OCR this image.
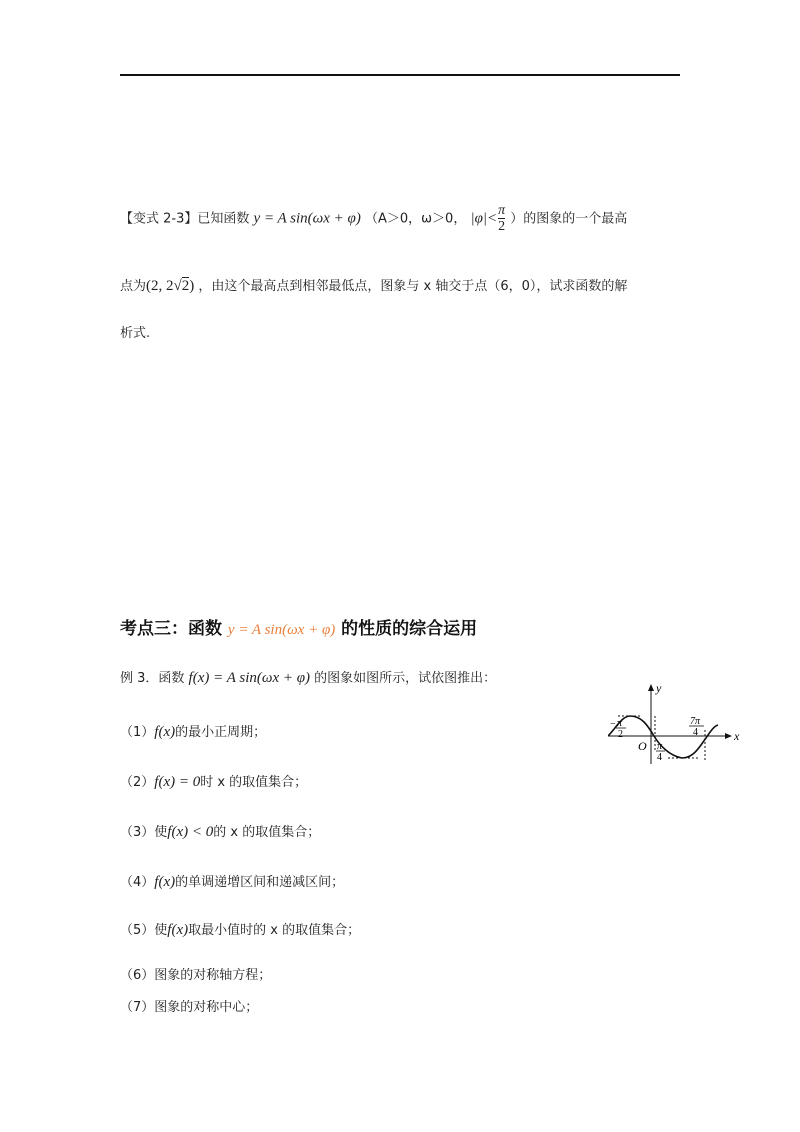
【变式 2-3】已知函数 y = A sin(ωx + φ) （A＞0，ω＞0， $|\varphi|< \frac{\pi}{2}$ ）的图象的一个最高
点为(2, 2√2) ，由这个最高点到相邻最低点，图象与 x 轴交于点（6，0），试求函数的解
析式.
考点三：函数 y = A sin(ωx + φ) 的性质的综合运用
例 3．函数 f(x) = A sin(ωx + φ) 的图象如图所示，试依图推出：
（1）f(x)的最小正周期；
（2）f(x) = 0时 x 的取值集合；
（3）使f(x) < 0的 x 的取值集合；
（4）f(x)的单调递增区间和递减区间；
（5）使f(x)取最小值时的 x 的取值集合；
（6）图象的对称轴方程；
（7）图象的对称中心；
x
y
O
− π
2
π
4
7π
4
